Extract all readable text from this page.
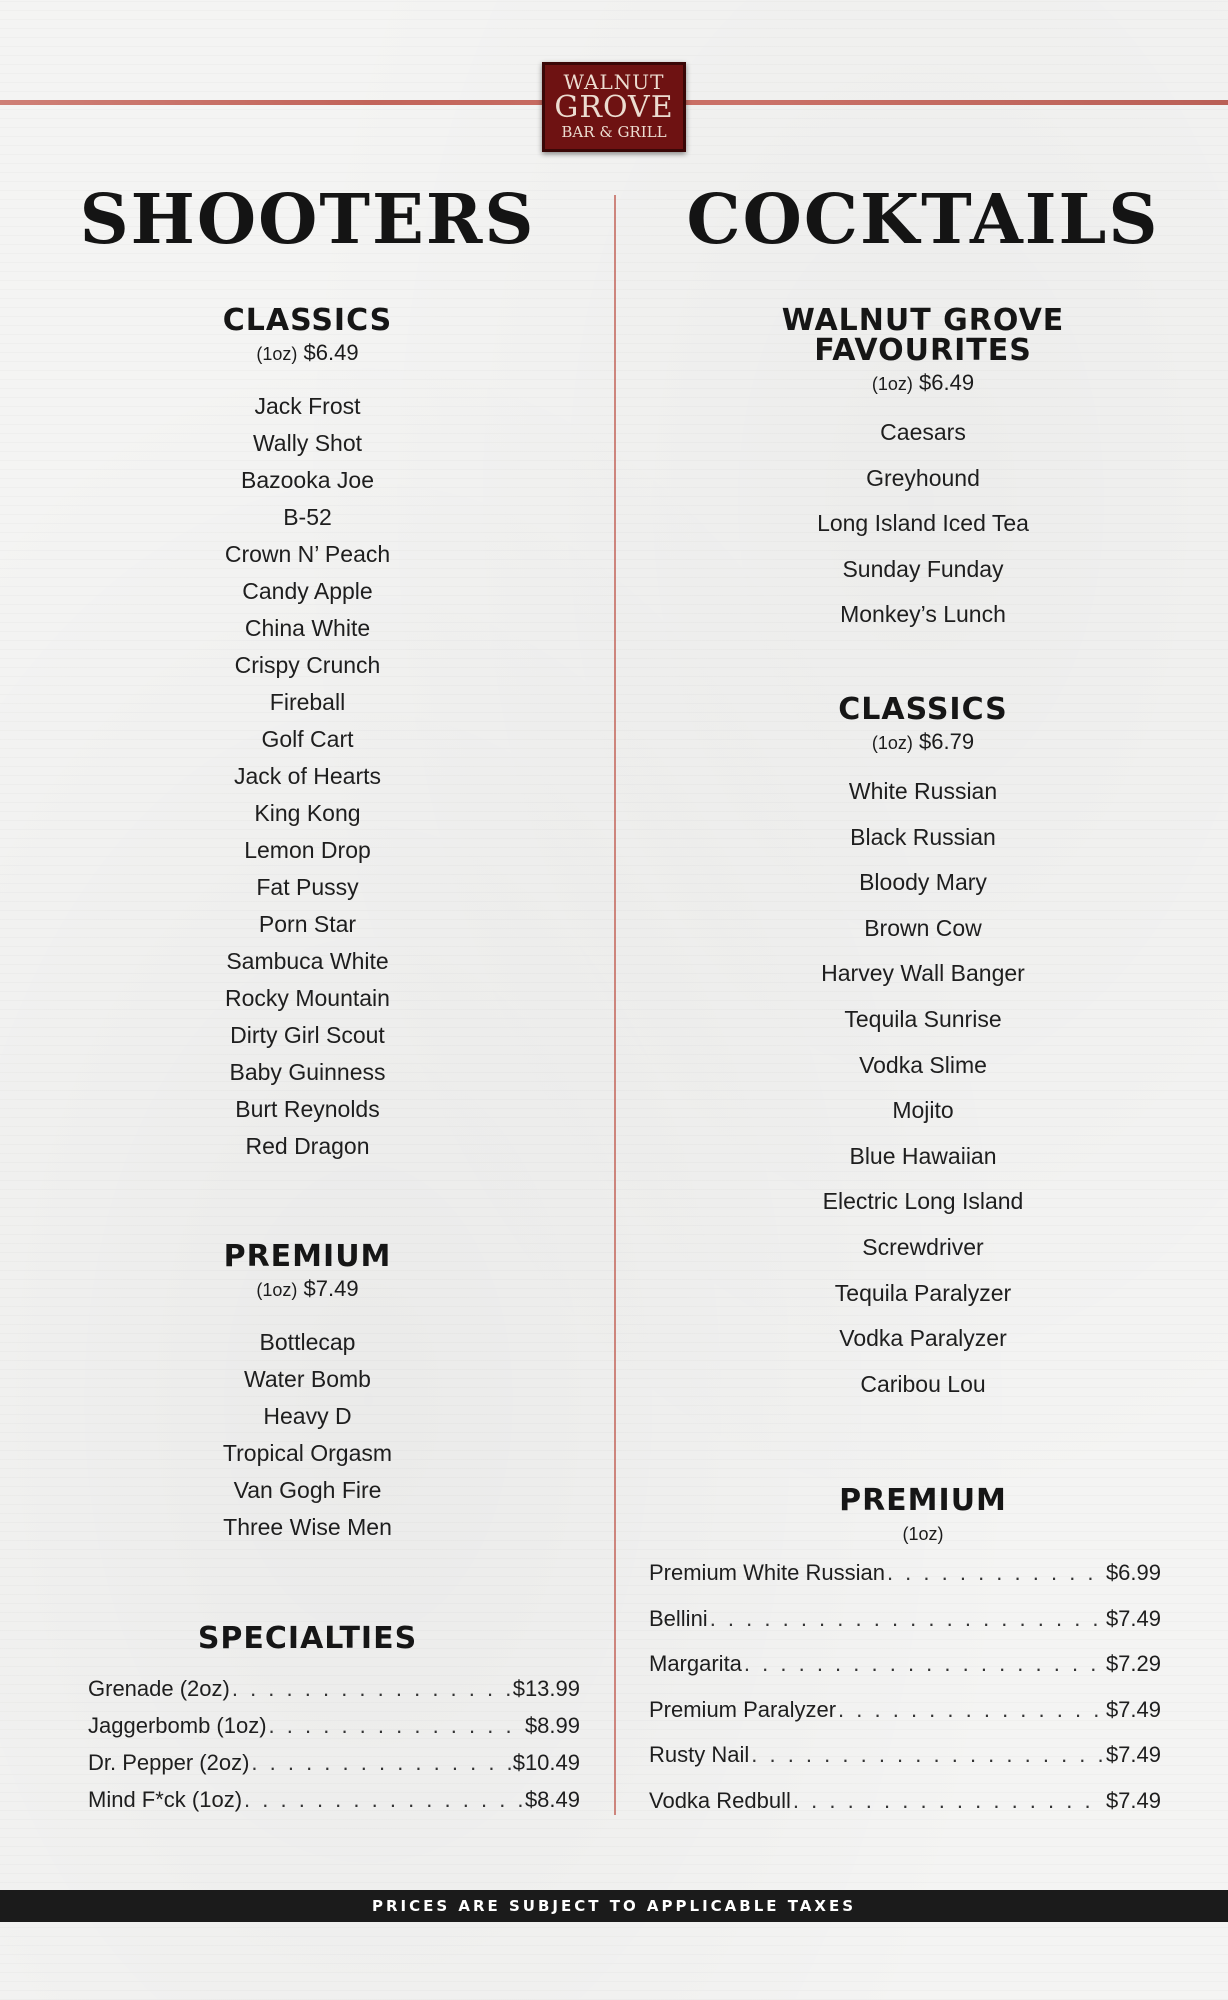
WALNUT
GROVE
BAR & GRILL
SHOOTERS
CLASSICS
(1oz) $6.49
Jack Frost
Wally Shot
Bazooka Joe
B-52
Crown N’ Peach
Candy Apple
China White
Crispy Crunch
Fireball
Golf Cart
Jack of Hearts
King Kong
Lemon Drop
Fat Pussy
Porn Star
Sambuca White
Rocky Mountain
Dirty Girl Scout
Baby Guinness
Burt Reynolds
Red Dragon
PREMIUM
(1oz) $7.49
Bottlecap
Water Bomb
Heavy D
Tropical Orgasm
Van Gogh Fire
Three Wise Men
SPECIALTIES
Grenade (2oz) . . .	$13.99
Jaggerbomb (1oz) . . .	$8.99
Dr. Pepper (2oz) . . .	$10.49
Mind F*ck (1oz) . . .	$8.49
COCKTAILS
WALNUT GROVE
FAVOURITES
(1oz) $6.49
Caesars
Greyhound
Long Island Iced Tea
Sunday Funday
Monkey’s Lunch
CLASSICS
(1oz) $6.79
White Russian
Black Russian
Bloody Mary
Brown Cow
Harvey Wall Banger
Tequila Sunrise
Vodka Slime
Mojito
Blue Hawaiian
Electric Long Island
Screwdriver
Tequila Paralyzer
Vodka Paralyzer
Caribou Lou
PREMIUM
(1oz)
Premium White Russian . . .	$6.99
Bellini . . .	$7.49
Margarita . . .	$7.29
Premium Paralyzer . . .	$7.49
Rusty Nail . . .	$7.49
Vodka Redbull . . .	$7.49
PRICES ARE SUBJECT TO APPLICABLE TAXES
